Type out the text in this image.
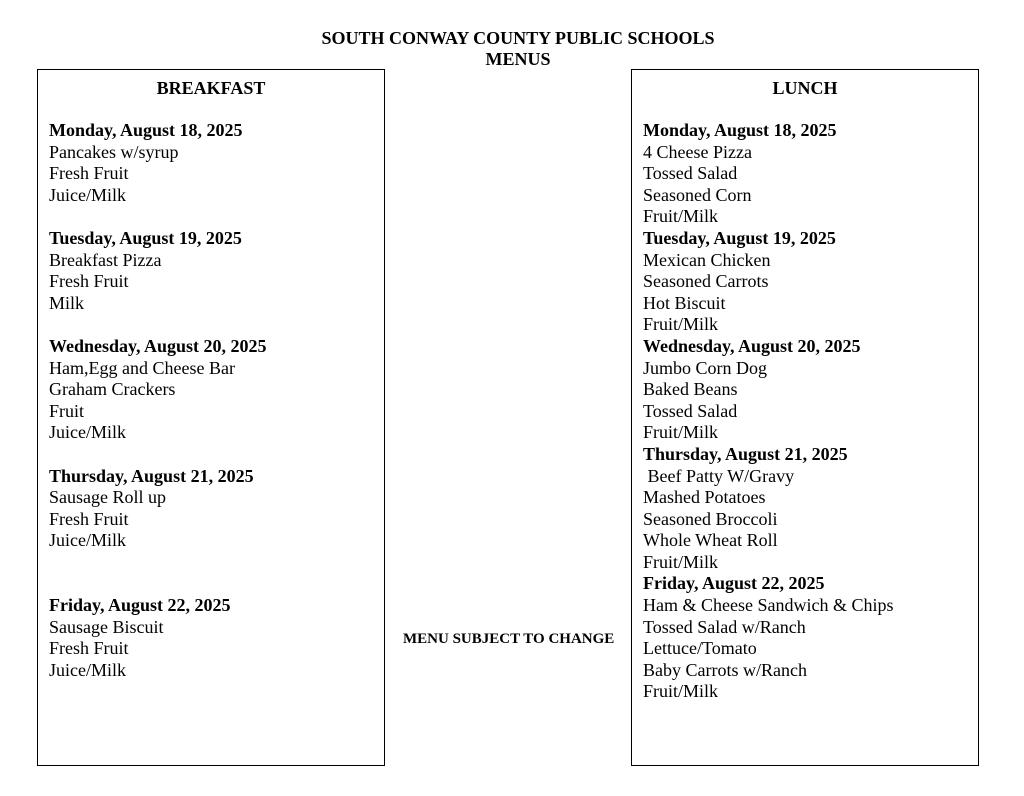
SOUTH CONWAY COUNTY PUBLIC SCHOOLS
MENUS
BREAKFAST
Monday, August 18, 2025
Pancakes w/syrup
Fresh Fruit
Juice/Milk
Tuesday, August 19, 2025
Breakfast Pizza
Fresh Fruit
Milk
Wednesday, August 20, 2025
Ham,Egg and Cheese Bar
Graham Crackers
Fruit
Juice/Milk
Thursday, August 21, 2025
Sausage Roll up
Fresh Fruit
Juice/Milk
Friday, August 22, 2025
Sausage Biscuit
Fresh Fruit
Juice/Milk
MENU SUBJECT TO CHANGE
LUNCH
Monday, August 18, 2025
4 Cheese Pizza
Tossed Salad
Seasoned Corn
Fruit/Milk
Tuesday, August 19, 2025
Mexican Chicken
Seasoned Carrots
Hot Biscuit
Fruit/Milk
Wednesday, August 20, 2025
Jumbo Corn Dog
Baked Beans
Tossed Salad
Fruit/Milk
Thursday, August 21, 2025
Beef Patty W/Gravy
Mashed Potatoes
Seasoned Broccoli
Whole Wheat Roll
Fruit/Milk
Friday, August 22, 2025
Ham & Cheese Sandwich & Chips
Tossed Salad w/Ranch
Lettuce/Tomato
Baby Carrots w/Ranch
Fruit/Milk
